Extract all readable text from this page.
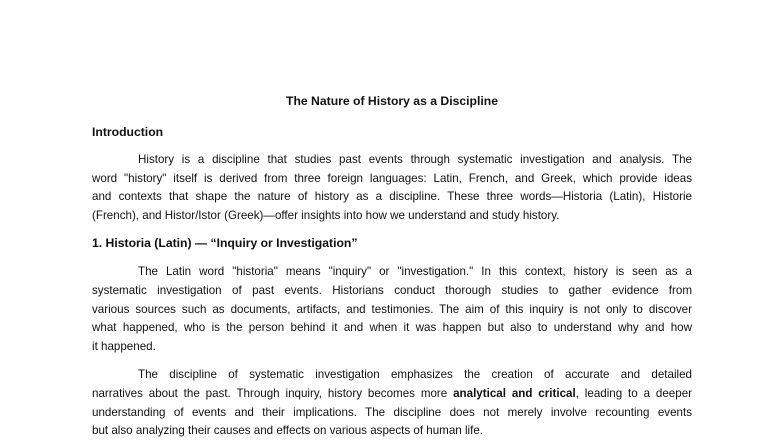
The Nature of History as a Discipline
Introduction
History is a discipline that studies past events through systematic investigation and analysis. The
word "history" itself is derived from three foreign languages: Latin, French, and Greek, which provide ideas
and contexts that shape the nature of history as a discipline. These three words—Historia (Latin), Historie
(French), and Histor/Istor (Greek)—offer insights into how we understand and study history.
1. Historia (Latin) — “Inquiry or Investigation”
The Latin word "historia" means "inquiry" or "investigation." In this context, history is seen as a
systematic investigation of past events. Historians conduct thorough studies to gather evidence from
various sources such as documents, artifacts, and testimonies. The aim of this inquiry is not only to discover
what happened, who is the person behind it and when it was happen but also to understand why and how
it happened.
The discipline of systematic investigation emphasizes the creation of accurate and detailed
narratives about the past. Through inquiry, history becomes more analytical and critical, leading to a deeper
understanding of events and their implications. The discipline does not merely involve recounting events
but also analyzing their causes and effects on various aspects of human life.
